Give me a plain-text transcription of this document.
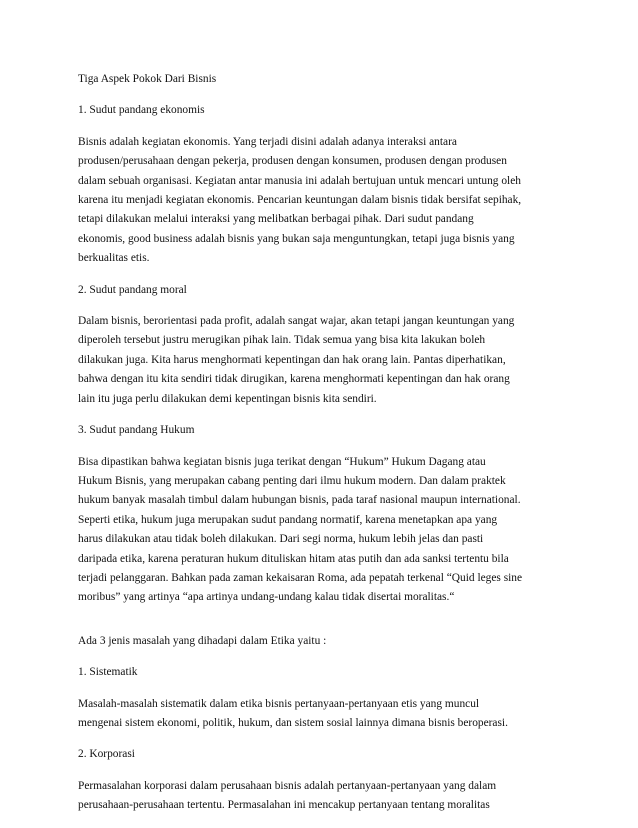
Tiga Aspek Pokok Dari Bisnis

1. Sudut pandang ekonomis

Bisnis adalah kegiatan ekonomis. Yang terjadi disini adalah adanya interaksi antara
produsen/perusahaan dengan pekerja, produsen dengan konsumen, produsen dengan produsen
dalam sebuah organisasi. Kegiatan antar manusia ini adalah bertujuan untuk mencari untung oleh
karena itu menjadi kegiatan ekonomis. Pencarian keuntungan dalam bisnis tidak bersifat sepihak,
tetapi dilakukan melalui interaksi yang melibatkan berbagai pihak. Dari sudut pandang
ekonomis, good business adalah bisnis yang bukan saja menguntungkan, tetapi juga bisnis yang
berkualitas etis.

2. Sudut pandang moral

Dalam bisnis, berorientasi pada profit, adalah sangat wajar, akan tetapi jangan keuntungan yang
diperoleh tersebut justru merugikan pihak lain. Tidak semua yang bisa kita lakukan boleh
dilakukan juga. Kita harus menghormati kepentingan dan hak orang lain. Pantas diperhatikan,
bahwa dengan itu kita sendiri tidak dirugikan, karena menghormati kepentingan dan hak orang
lain itu juga perlu dilakukan demi kepentingan bisnis kita sendiri.

3. Sudut pandang Hukum

Bisa dipastikan bahwa kegiatan bisnis juga terikat dengan “Hukum” Hukum Dagang atau
Hukum Bisnis, yang merupakan cabang penting dari ilmu hukum modern. Dan dalam praktek
hukum banyak masalah timbul dalam hubungan bisnis, pada taraf nasional maupun international.
Seperti etika, hukum juga merupakan sudut pandang normatif, karena menetapkan apa yang
harus dilakukan atau tidak boleh dilakukan. Dari segi norma, hukum lebih jelas dan pasti
daripada etika, karena peraturan hukum dituliskan hitam atas putih dan ada sanksi tertentu bila
terjadi pelanggaran. Bahkan pada zaman kekaisaran Roma, ada pepatah terkenal “Quid leges sine
moribus” yang artinya “apa artinya undang-undang kalau tidak disertai moralitas.“

Ada 3 jenis masalah yang dihadapi dalam Etika yaitu :

1. Sistematik

Masalah-masalah sistematik dalam etika bisnis pertanyaan-pertanyaan etis yang muncul
mengenai sistem ekonomi, politik, hukum, dan sistem sosial lainnya dimana bisnis beroperasi.

2. Korporasi

Permasalahan korporasi dalam perusahaan bisnis adalah pertanyaan-pertanyaan yang dalam
perusahaan-perusahaan tertentu. Permasalahan ini mencakup pertanyaan tentang moralitas
